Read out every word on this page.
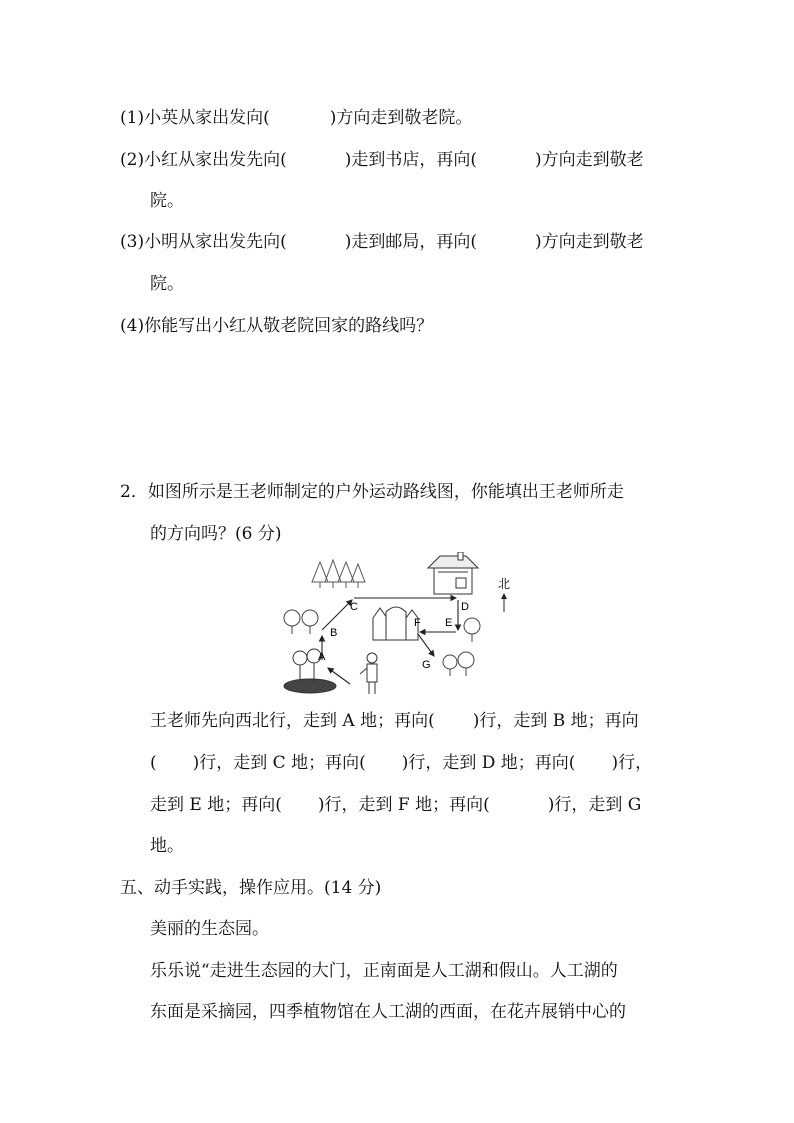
(1)小英从家出发向(	)方向走到敬老院。
(2)小红从家出发先向(	)走到书店，再向(	)方向走到敬老
院。
(3)小明从家出发先向(	)走到邮局，再向(	)方向走到敬老
院。
(4)你能写出小红从敬老院回家的路线吗？
2．如图所示是王老师制定的户外运动路线图，你能填出王老师所走
的方向吗？(6 分)
A
B
C	D
E
F
G
北
王老师先向西北行，走到 A 地；再向( )行，走到 B 地；再向
( )行，走到 C 地；再向( )行，走到 D 地；再向( )行，
走到 E 地；再向( )行，走到 F 地；再向(	)行，走到 G
地。
五、动手实践，操作应用。(14 分)
美丽的生态园。
乐乐说“走进生态园的大门，正南面是人工湖和假山。人工湖的
东面是采摘园，四季植物馆在人工湖的西面，在花卉展销中心的
